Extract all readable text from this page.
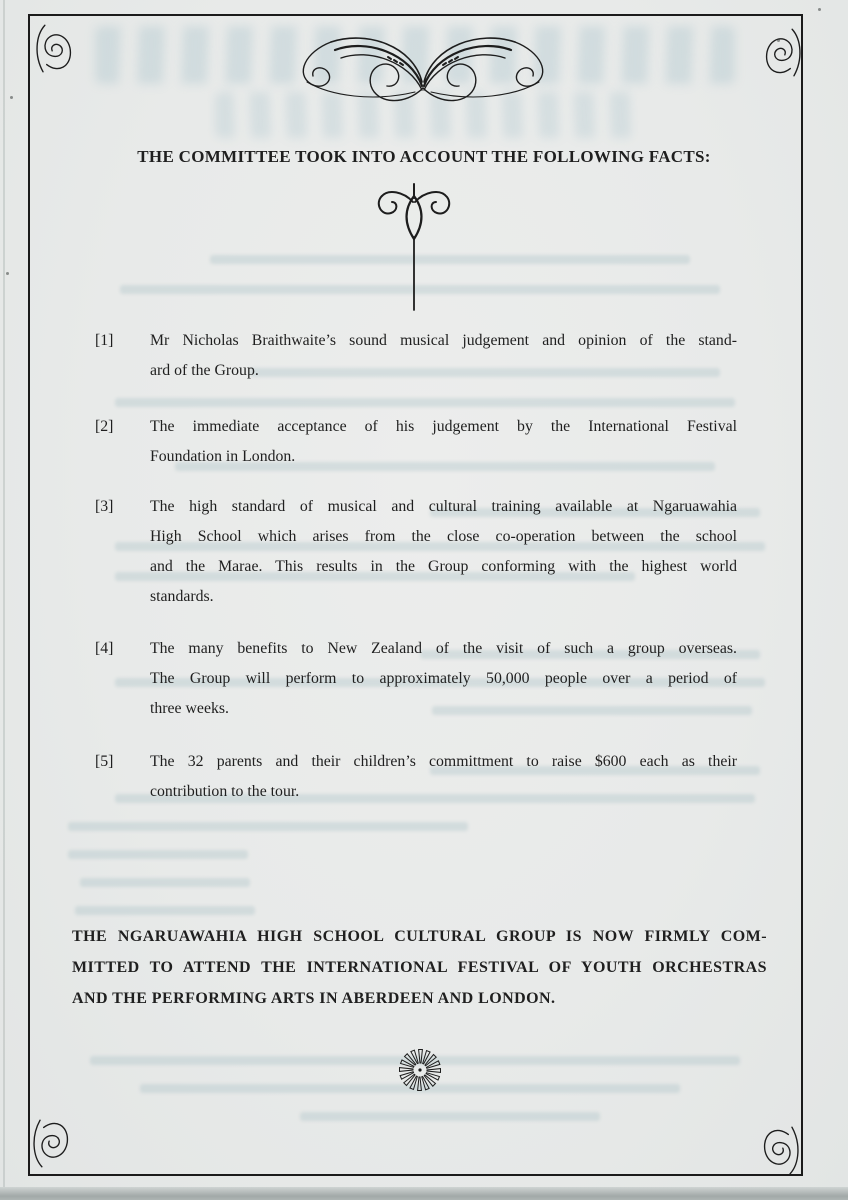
THE COMMITTEE TOOK INTO ACCOUNT THE FOLLOWING FACTS:
[1]	Mr Nicholas Braithwaite’s sound musical judgement and opinion of the stand-
ard of the Group.
[2]	The immediate acceptance of his judgement by the International Festival
Foundation in London.
[3]	The high standard of musical and cultural training available at Ngaruawahia
High School which arises from the close co-operation between the school
and the Marae. This results in the Group conforming with the highest world
standards.
[4]	The many benefits to New Zealand of the visit of such a group overseas.
The Group will perform to approximately 50,000 people over a period of
three weeks.
[5]	The 32 parents and their children’s committment to raise $600 each as their
contribution to the tour.
THE NGARUAWAHIA HIGH SCHOOL CULTURAL GROUP IS NOW FIRMLY COM-
MITTED TO ATTEND THE INTERNATIONAL FESTIVAL OF YOUTH ORCHESTRAS
AND THE PERFORMING ARTS IN ABERDEEN AND LONDON.
